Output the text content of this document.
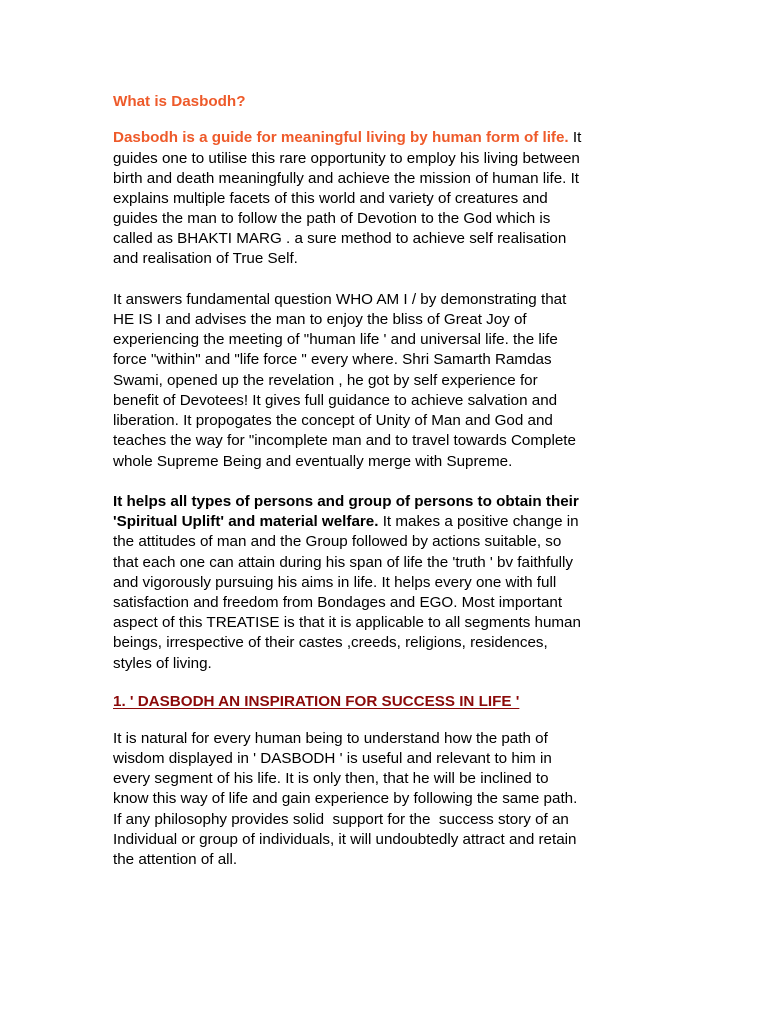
What is Dasbodh?

Dasbodh is a guide for meaningful living by human form of life. It

guides one to utilise this rare opportunity to employ his living between

birth and death meaningfully and achieve the mission of human life. It

explains multiple facets of this world and variety of creatures and

guides the man to follow the path of Devotion to the God which is

called as BHAKTI MARG . a sure method to achieve self realisation

and realisation of True Self.

It answers fundamental question WHO AM I / by demonstrating that

HE IS I and advises the man to enjoy the bliss of Great Joy of

experiencing the meeting of "human life ' and universal life. the life

force "within" and "life force " every where. Shri Samarth Ramdas

Swami, opened up the revelation , he got by self experience for

benefit of Devotees! It gives full guidance to achieve salvation and

liberation. It propogates the concept of Unity of Man and God and

teaches the way for "incomplete man and to travel towards Complete

whole Supreme Being and eventually merge with Supreme.

It helps all types of persons and group of persons to obtain their

'Spiritual Uplift' and material welfare. It makes a positive change in

the attitudes of man and the Group followed by actions suitable, so

that each one can attain during his span of life the 'truth ' bv faithfully

and vigorously pursuing his aims in life. It helps every one with full

satisfaction and freedom from Bondages and EGO. Most important

aspect of this TREATISE is that it is applicable to all segments human

beings, irrespective of their castes ,creeds, religions, residences,

styles of living.

1. ' DASBODH AN INSPIRATION FOR SUCCESS IN LIFE '

It is natural for every human being to understand how the path of

wisdom displayed in ' DASBODH ' is useful and relevant to him in

every segment of his life. It is only then, that he will be inclined to

know this way of life and gain experience by following the same path.

If any philosophy provides solid  support for the  success story of an

Individual or group of individuals, it will undoubtedly attract and retain

the attention of all.
